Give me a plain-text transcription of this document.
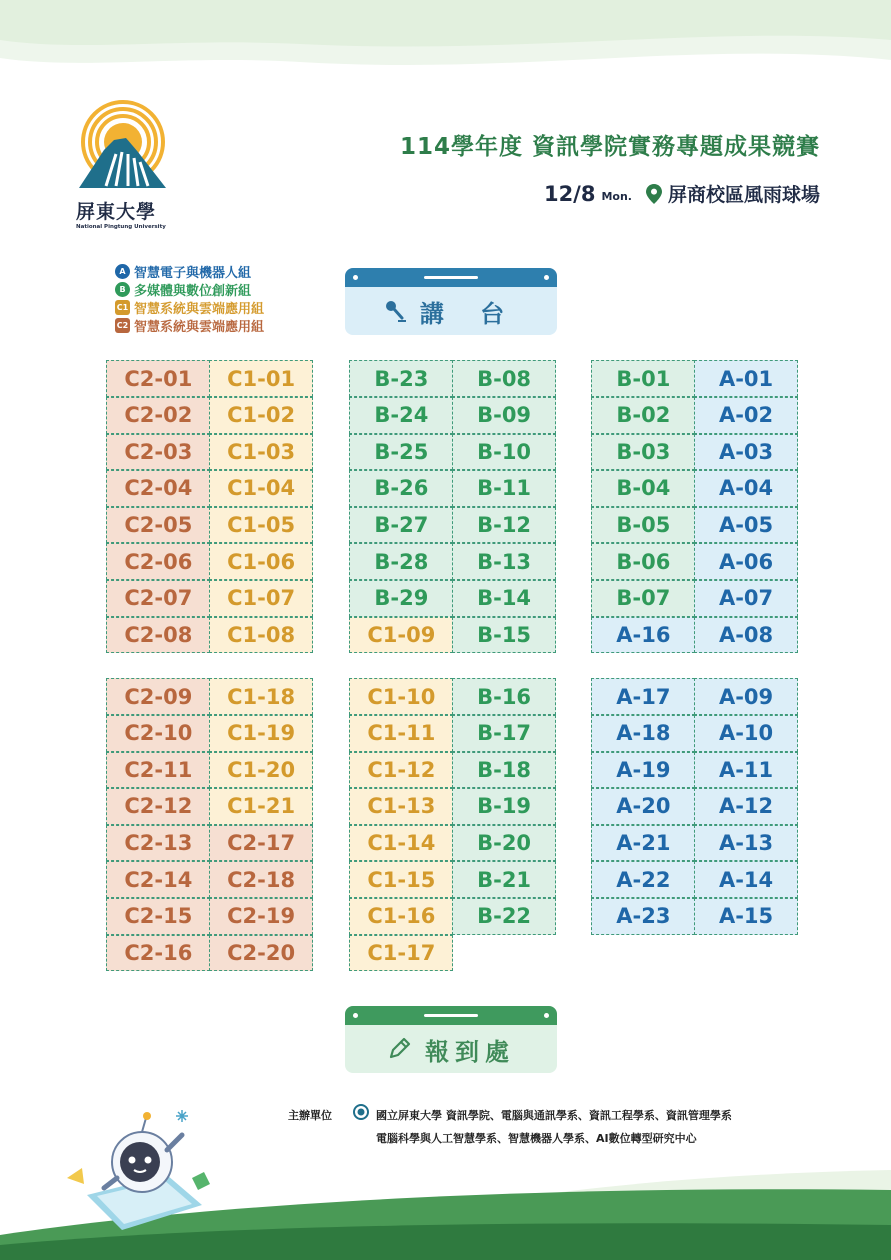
屏東大學
National Pingtung University
114學年度 資訊學院實務專題成果競賽
12/8 Mon. 屏商校區風雨球場
A 智慧電子與機器人組
B 多媒體與數位創新組
C1 智慧系統與雲端應用組
C2 智慧系統與雲端應用組	講 台
C2-01	C1-01
C2-02	C1-02
C2-03	C1-03
C2-04	C1-04
C2-05	C1-05
C2-06	C1-06
C2-07	C1-07
C2-08	C1-08
B-23	B-08
B-24	B-09
B-25	B-10
B-26	B-11
B-27	B-12
B-28	B-13
B-29	B-14
C1-09	B-15
B-01	A-01
B-02	A-02
B-03	A-03
B-04	A-04
B-05	A-05
B-06	A-06
B-07	A-07
A-16	A-08
C2-09	C1-18
C2-10	C1-19
C2-11	C1-20
C2-12	C1-21
C2-13	C2-17
C2-14	C2-18
C2-15	C2-19
C2-16	C2-20
C1-10	B-16
C1-11	B-17
C1-12	B-18
C1-13	B-19
C1-14	B-20
C1-15	B-21
C1-16	B-22
C1-17
A-17	A-09
A-18	A-10
A-19	A-11
A-20	A-12
A-21	A-13
A-22	A-14
A-23	A-15
報到處
主辦單位	國立屏東大學 資訊學院、電腦與通訊學系、資訊工程學系、資訊管理學系
電腦科學與人工智慧學系、智慧機器人學系、AI數位轉型研究中心
